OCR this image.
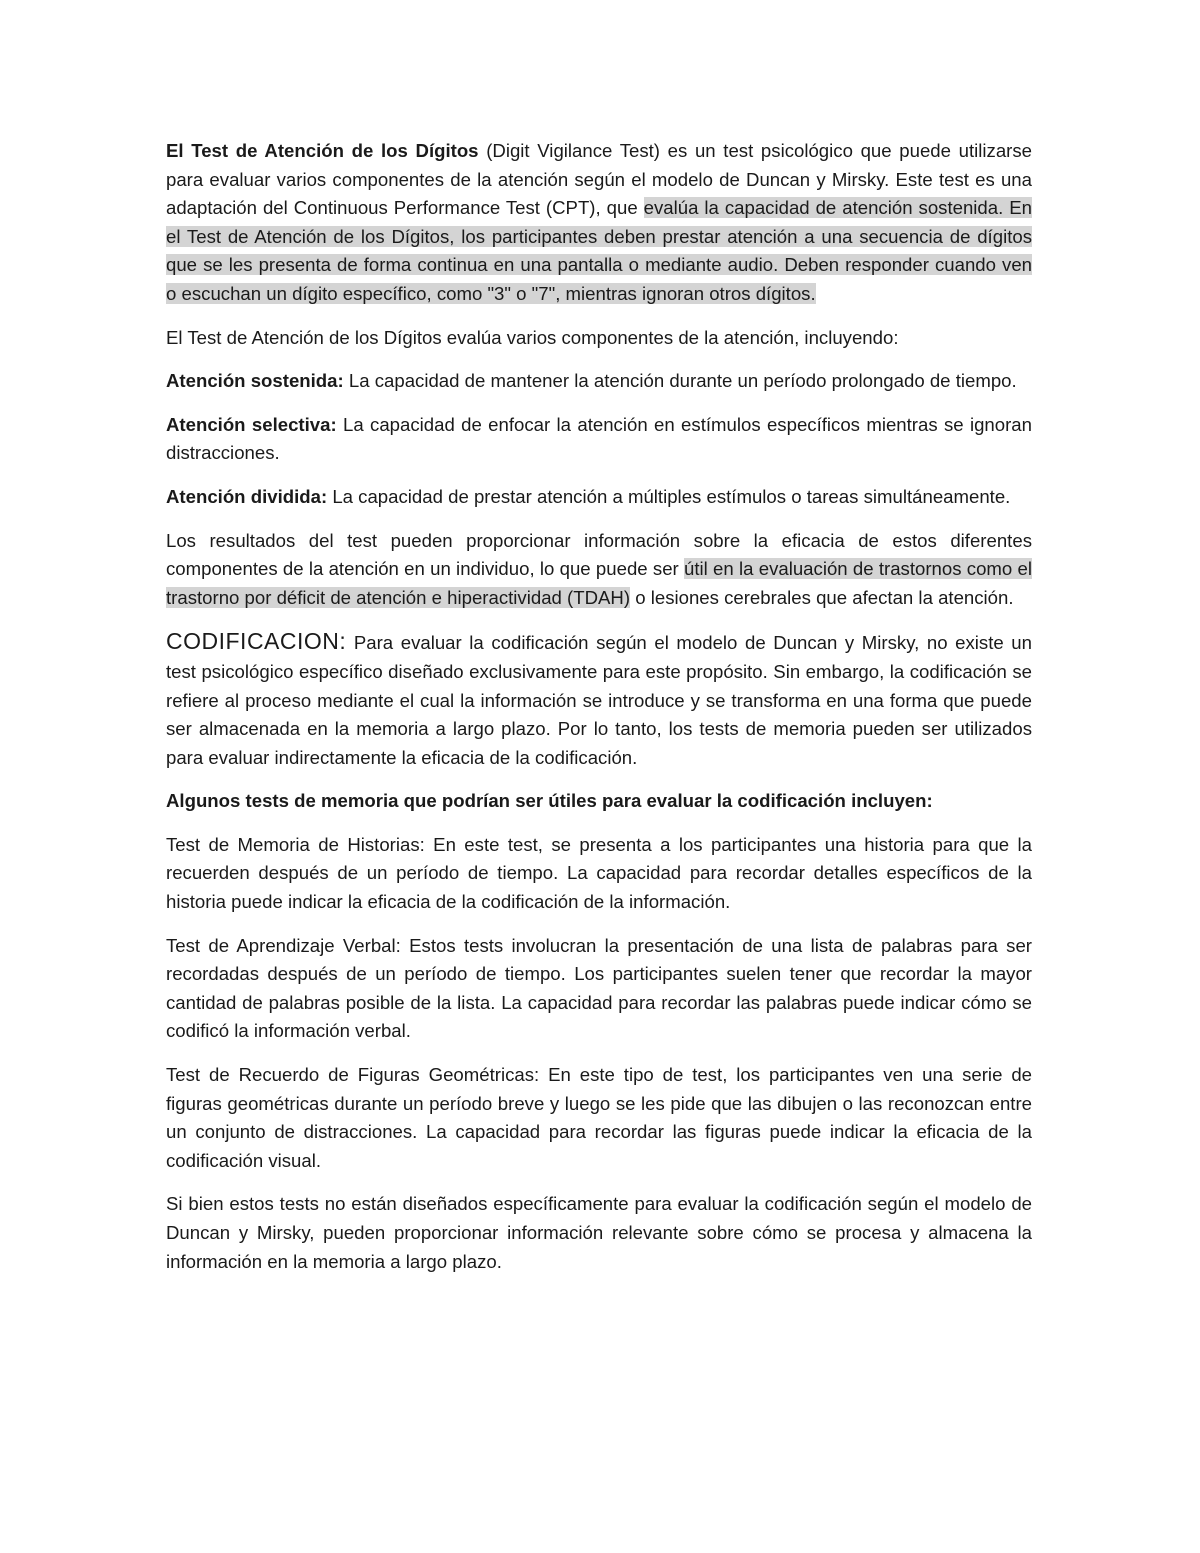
El Test de Atención de los Dígitos (Digit Vigilance Test) es un test psicológico que puede utilizarse para evaluar varios componentes de la atención según el modelo de Duncan y Mirsky. Este test es una adaptación del Continuous Performance Test (CPT), que evalúa la capacidad de atención sostenida. En el Test de Atención de los Dígitos, los participantes deben prestar atención a una secuencia de dígitos que se les presenta de forma continua en una pantalla o mediante audio. Deben responder cuando ven o escuchan un dígito específico, como "3" o "7", mientras ignoran otros dígitos.

El Test de Atención de los Dígitos evalúa varios componentes de la atención, incluyendo:

Atención sostenida: La capacidad de mantener la atención durante un período prolongado de tiempo.

Atención selectiva: La capacidad de enfocar la atención en estímulos específicos mientras se ignoran distracciones.

Atención dividida: La capacidad de prestar atención a múltiples estímulos o tareas simultáneamente.

Los resultados del test pueden proporcionar información sobre la eficacia de estos diferentes componentes de la atención en un individuo, lo que puede ser útil en la evaluación de trastornos como el trastorno por déficit de atención e hiperactividad (TDAH) o lesiones cerebrales que afectan la atención.

CODIFICACION: Para evaluar la codificación según el modelo de Duncan y Mirsky, no existe un test psicológico específico diseñado exclusivamente para este propósito. Sin embargo, la codificación se refiere al proceso mediante el cual la información se introduce y se transforma en una forma que puede ser almacenada en la memoria a largo plazo. Por lo tanto, los tests de memoria pueden ser utilizados para evaluar indirectamente la eficacia de la codificación.

Algunos tests de memoria que podrían ser útiles para evaluar la codificación incluyen:

Test de Memoria de Historias: En este test, se presenta a los participantes una historia para que la recuerden después de un período de tiempo. La capacidad para recordar detalles específicos de la historia puede indicar la eficacia de la codificación de la información.

Test de Aprendizaje Verbal: Estos tests involucran la presentación de una lista de palabras para ser recordadas después de un período de tiempo. Los participantes suelen tener que recordar la mayor cantidad de palabras posible de la lista. La capacidad para recordar las palabras puede indicar cómo se codificó la información verbal.

Test de Recuerdo de Figuras Geométricas: En este tipo de test, los participantes ven una serie de figuras geométricas durante un período breve y luego se les pide que las dibujen o las reconozcan entre un conjunto de distracciones. La capacidad para recordar las figuras puede indicar la eficacia de la codificación visual.

Si bien estos tests no están diseñados específicamente para evaluar la codificación según el modelo de Duncan y Mirsky, pueden proporcionar información relevante sobre cómo se procesa y almacena la información en la memoria a largo plazo.
